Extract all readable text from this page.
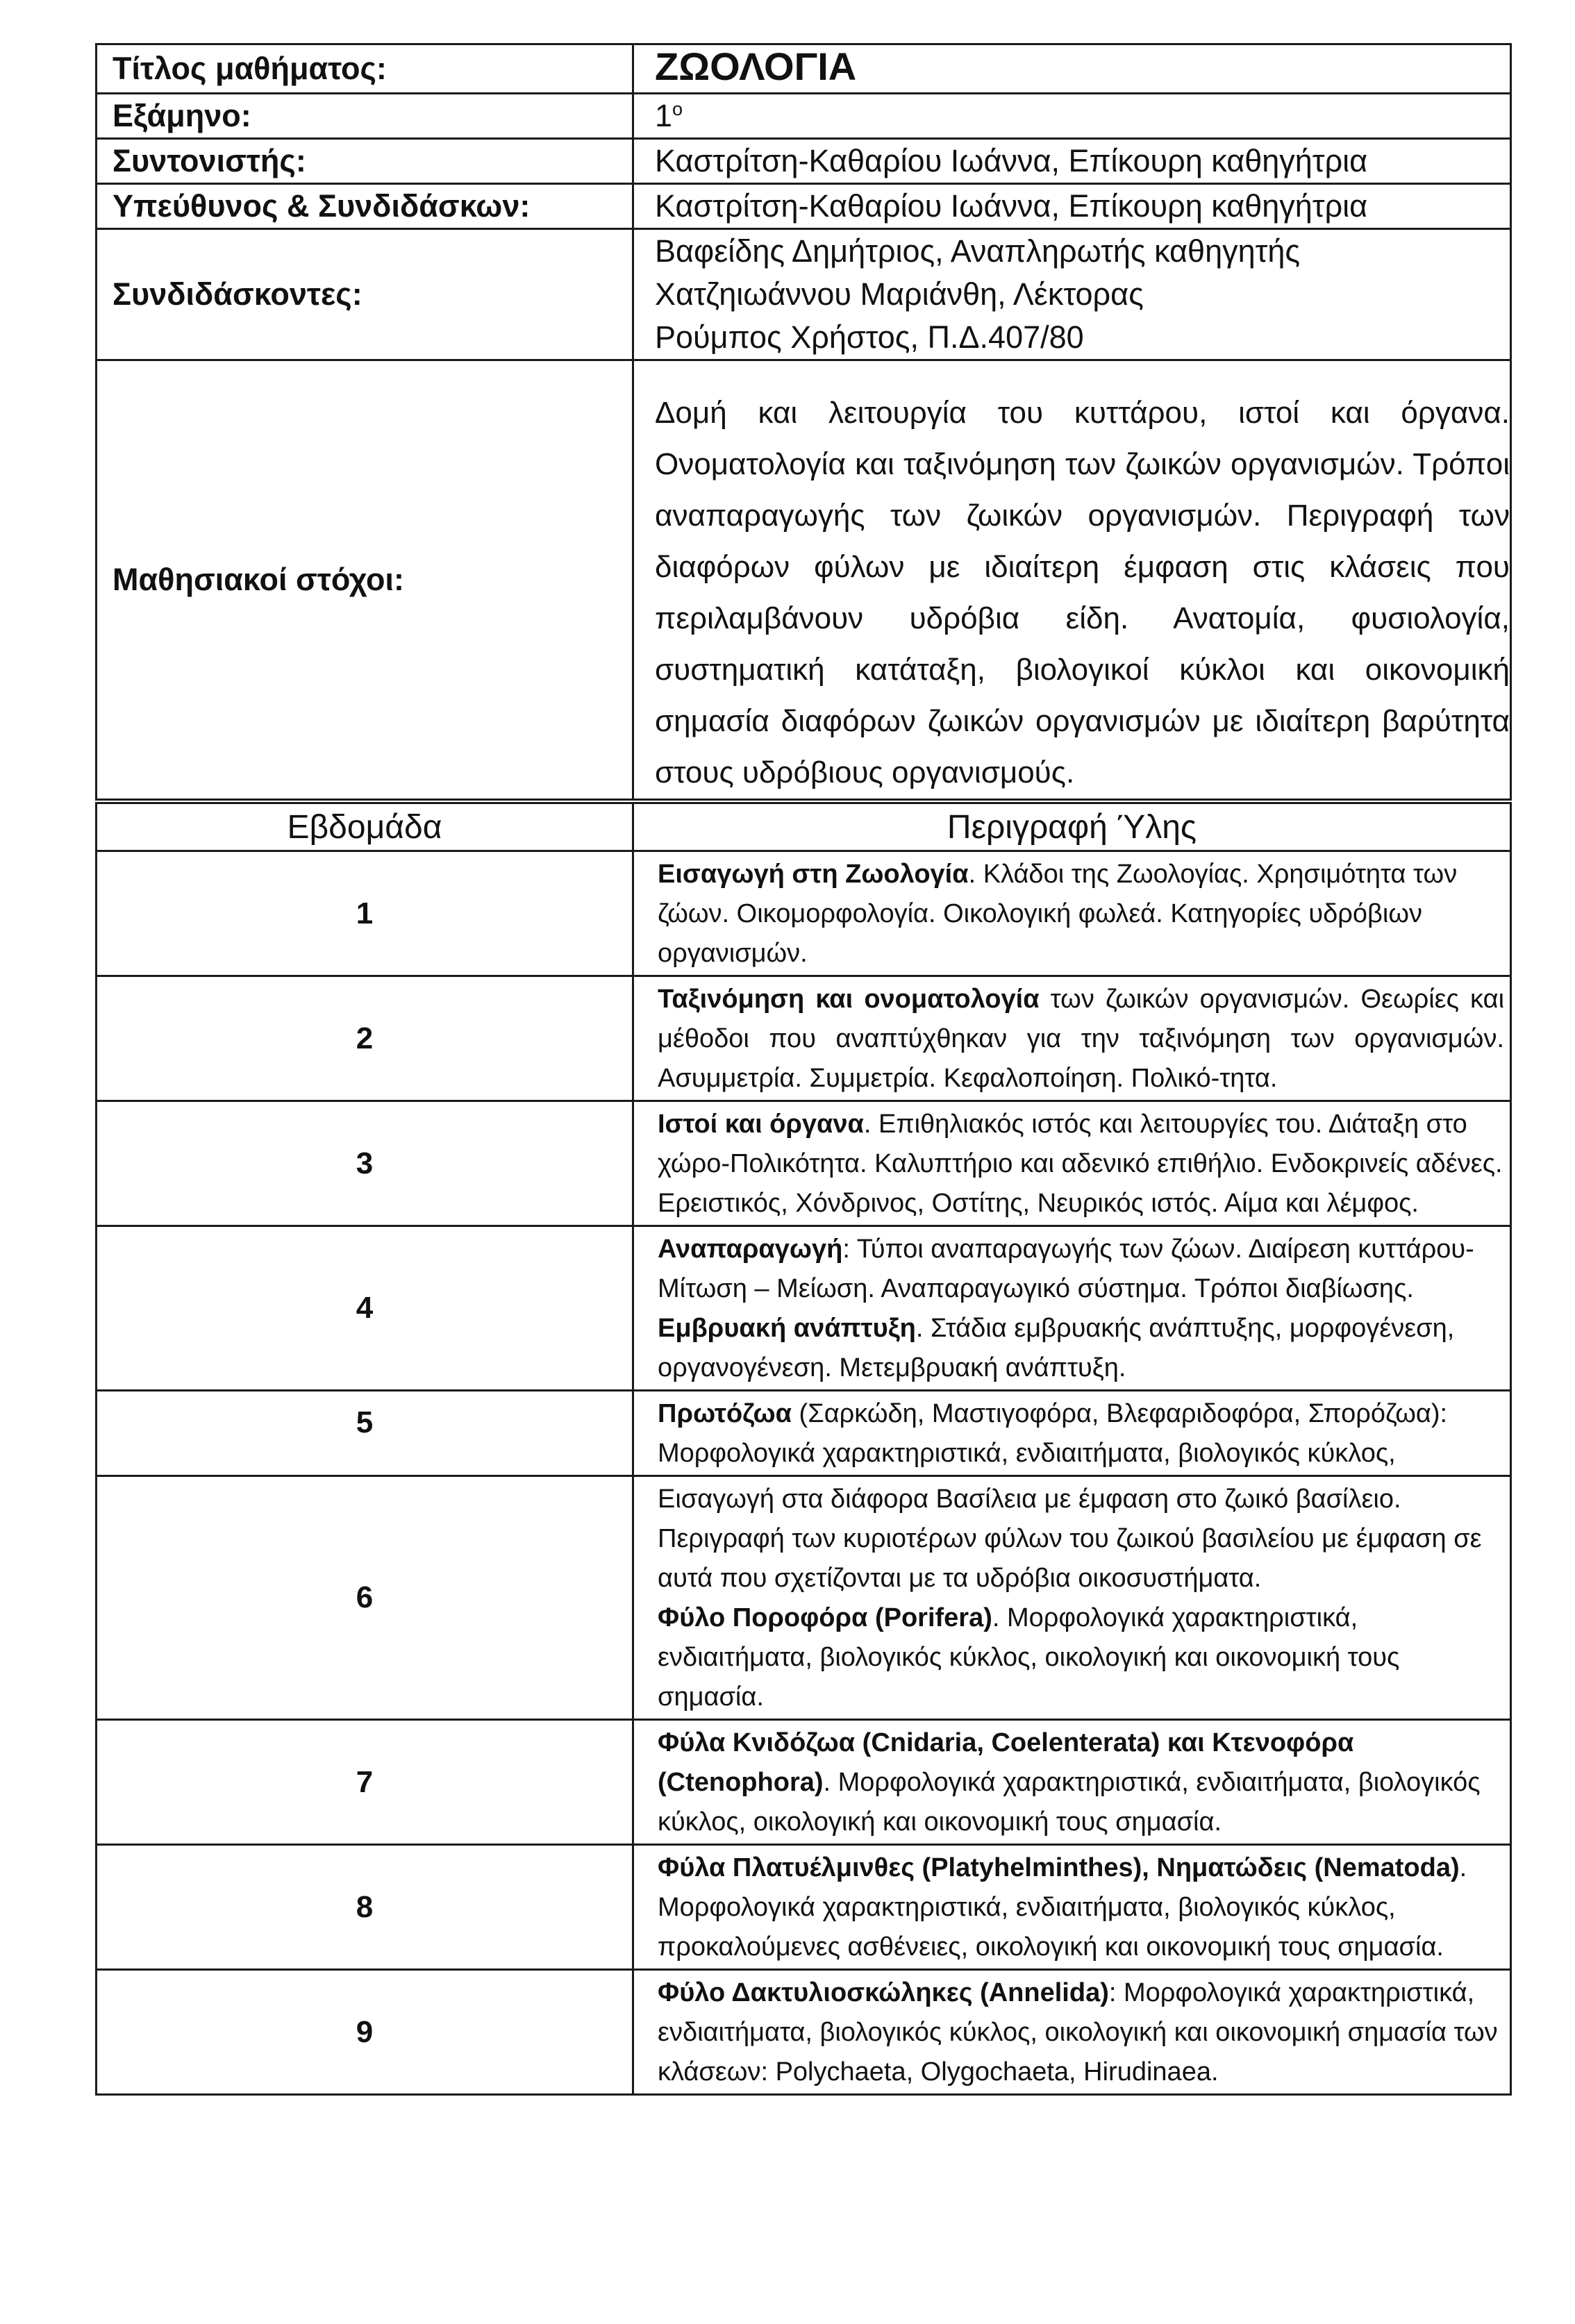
Τίτλος μαθήματος:	ΖΩΟΛΟΓΙΑ
Εξάμηνο:	$1^o$
Συντονιστής:	Καστρίτση-Καθαρίου Ιωάννα, Επίκουρη καθηγήτρια
Υπεύθυνος & Συνδιδάσκων:	Καστρίτση-Καθαρίου Ιωάννα, Επίκουρη καθηγήτρια
Συνδιδάσκοντες:	Βαφείδης Δημήτριος, Αναπληρωτής καθηγητής
Χατζηιωάννου Μαριάνθη, Λέκτορας
Ρούμπος Χρήστος, Π.Δ.407/80

Μαθησιακοί στόχοι:	Δομή και λειτουργία του κυττάρου, ιστοί και όργανα. Ονοματολογία και ταξινόμηση των ζωικών οργανισμών. Τρόποι αναπαραγωγής των ζωικών οργανισμών. Περιγραφή των διαφόρων φύλων με ιδιαίτερη έμφαση στις κλάσεις που περιλαμβάνουν υδρόβια είδη. Ανατομία, φυσιολογία, συστηματική κατάταξη, βιολογικοί κύκλοι και οικονομική σημασία διαφόρων ζωικών οργανισμών με ιδιαίτερη βαρύτητα στους υδρόβιους οργανισμούς.
Εβδομάδα	Περιγραφή Ύλης
1	Εισαγωγή στη Ζωολογία. Κλάδοι της Ζωολογίας. Χρησιμότητα των ζώων. Οικομορφολογία. Οικολογική φωλεά. Κατηγορίες υδρόβιων οργανισμών.
2	Ταξινόμηση και ονοματολογία των ζωικών οργανισμών. Θεωρίες και μέθοδοι που αναπτύχθηκαν για την ταξινόμηση των οργανισμών. Ασυμμετρία. Συμμετρία. Κεφαλοποίηση. Πολικό-τητα.
3	Ιστοί και όργανα. Επιθηλιακός ιστός και λειτουργίες του. Διάταξη στο χώρο-Πολικότητα. Καλυπτήριο και αδενικό επιθήλιο. Ενδοκρινείς αδένες. Ερειστικός, Χόνδρινος, Οστίτης, Νευρικός ιστός. Αίμα και λέμφος.
4	Αναπαραγωγή: Τύποι αναπαραγωγής των ζώων. Διαίρεση κυττάρου- Μίτωση – Μείωση. Αναπαραγωγικό σύστημα. Τρόποι διαβίωσης. Εμβρυακή ανάπτυξη. Στάδια εμβρυακής ανάπτυξης, μορφογένεση, οργανογένεση. Μετεμβρυακή ανάπτυξη.
5	Πρωτόζωα (Σαρκώδη, Μαστιγοφόρα, Βλεφαριδοφόρα, Σπορόζωα): Μορφολογικά χαρακτηριστικά, ενδιαιτήματα, βιολογικός κύκλος,
6	Εισαγωγή στα διάφορα Βασίλεια με έμφαση στο ζωικό βασίλειο. Περιγραφή των κυριοτέρων φύλων του ζωικού βασιλείου με έμφαση σε αυτά που σχετίζονται με τα υδρόβια οικοσυστήματα.
Φύλο Ποροφόρα (Porifera). Μορφολογικά χαρακτηριστικά, ενδιαιτήματα, βιολογικός κύκλος, οικολογική και οικονομική τους σημασία.
7	Φύλα Κνιδόζωα (Cnidaria, Coelenterata) και Κτενοφόρα (Ctenophora). Μορφολογικά χαρακτηριστικά, ενδιαιτήματα, βιολογικός κύκλος, οικολογική και οικονομική τους σημασία.
8	Φύλα Πλατυέλμινθες (Platyhelminthes), Νηματώδεις (Nematoda). Μορφολογικά χαρακτηριστικά, ενδιαιτήματα, βιολογικός κύκλος, προκαλούμενες ασθένειες, οικολογική και οικονομική τους σημασία.
9	Φύλο Δακτυλιοσκώληκες (Annelida): Μορφολογικά χαρακτηριστικά, ενδιαιτήματα, βιολογικός κύκλος, οικολογική και οικονομική σημασία των κλάσεων: Polychaeta, Olygochaeta, Hirudinaea.
